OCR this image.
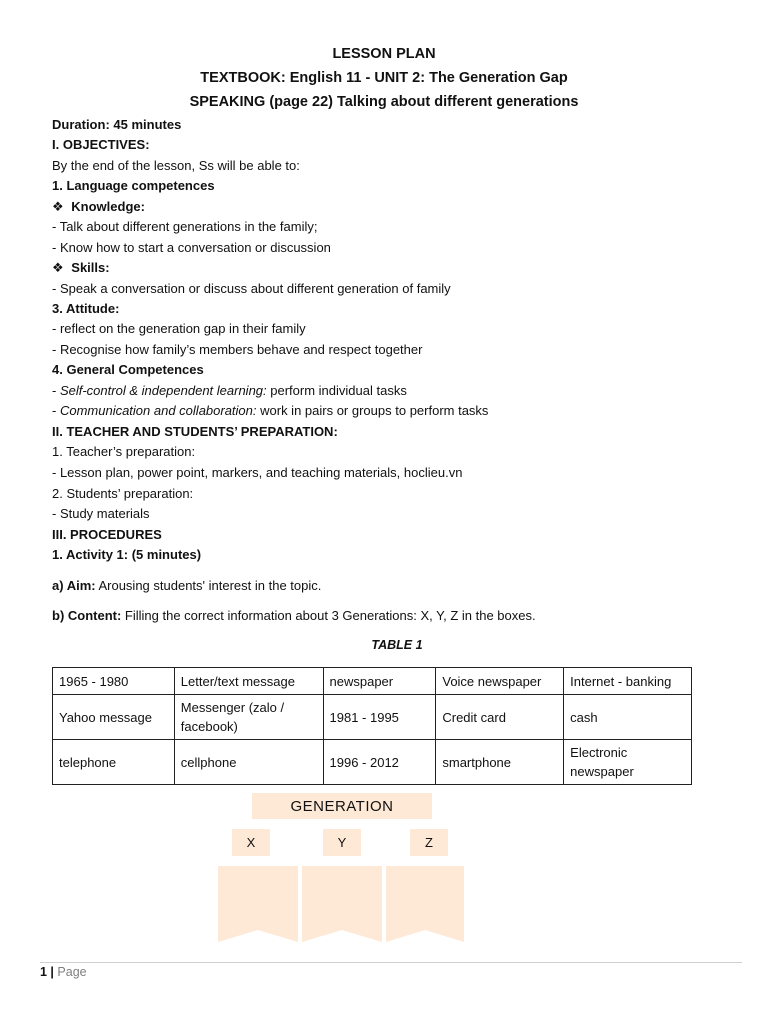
LESSON PLAN
TEXTBOOK: English 11 - UNIT 2: The Generation Gap
SPEAKING (page 22) Talking about different generations
Duration: 45 minutes
I. OBJECTIVES:
By the end of the lesson, Ss will be able to:
1. Language competences
❖ Knowledge:
- Talk about different generations in the family;
- Know how to start a conversation or discussion
❖ Skills:
- Speak a conversation or discuss about different generation of family
3. Attitude:
- reflect on the generation gap in their family
- Recognise how family’s members behave and respect together
4. General Competences
- Self-control & independent learning: perform individual tasks
- Communication and collaboration: work in pairs or groups to perform tasks
II. TEACHER AND STUDENTS’ PREPARATION:
1. Teacher’s preparation:
- Lesson plan, power point, markers, and teaching materials, hoclieu.vn
2. Students’ preparation:
- Study materials
III. PROCEDURES
1. Activity 1: (5 minutes)
a) Aim: Arousing students' interest in the topic.
b) Content: Filling the correct information about 3 Generations: X, Y, Z in the boxes.
TABLE 1
1965 - 1980	Letter/text message	newspaper	Voice newspaper	Internet - banking
Yahoo message	Messenger (zalo / facebook)	1981 - 1995	Credit card	cash
telephone	cellphone	1996 - 2012	smartphone	Electronic newspaper
GENERATION
X	Y	Z
1 | Page
